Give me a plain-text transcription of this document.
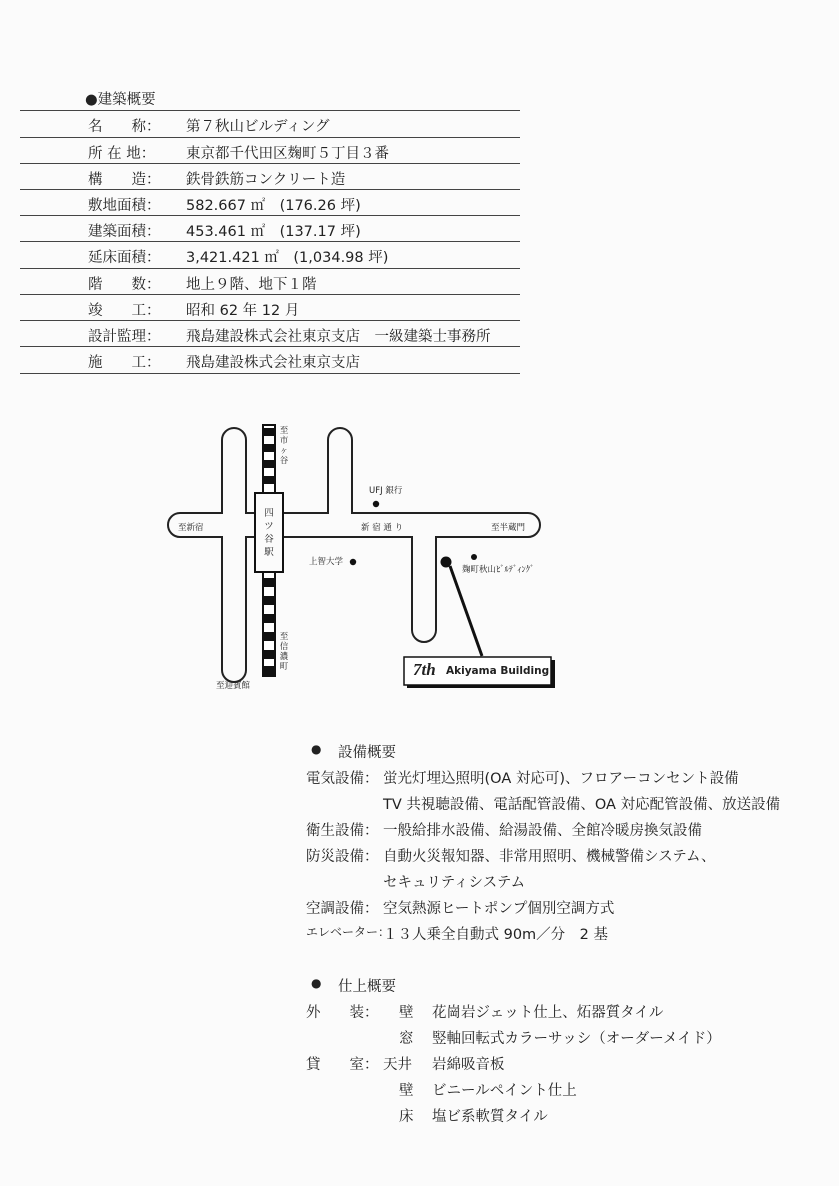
●建築概要
名　　称： 第７秋山ビルディング
所 在 地： 東京都千代田区麹町５丁目３番
構　　造： 鉄骨鉄筋コンクリート造
敷地面積： 582.667 ㎡　(176.26 坪)
建築面積： 453.461 ㎡　(137.17 坪)
延床面積： 3,421.421 ㎡　(1,034.98 坪)
階　　数： 地上９階、地下１階
竣　　工： 昭和 62 年 12 月
設計監理： 飛島建設株式会社東京支店　一級建築士事務所
施　　工： 飛島建設株式会社東京支店
至市ヶ谷
四ツ谷駅
至新宿	新 宿 通 り	至半蔵門
UFJ 銀行
上智大学
麹町秋山ﾋﾞﾙﾃﾞｨﾝｸﾞ
至信濃町
至迎賓館
7th Akiyama Building
● 設備概要
電気設備： 蛍光灯埋込照明(OA 対応可)、フロアーコンセント設備
TV 共視聴設備、電話配管設備、OA 対応配管設備、放送設備
衛生設備： 一般給排水設備、給湯設備、全館冷暖房換気設備
防災設備： 自動火災報知器、非常用照明、機械警備システム、
セキュリティシステム
空調設備： 空気熱源ヒートポンプ個別空調方式
エレベーター：
１３人乗全自動式 90m／分　2 基
● 仕上概要
外　　装： 壁 花崗岩ジェット仕上、炻器質タイル
窓 竪軸回転式カラーサッシ（オーダーメイド）
貸　　室： 天井 岩綿吸音板
壁 ビニールペイント仕上
床 塩ビ系軟質タイル
